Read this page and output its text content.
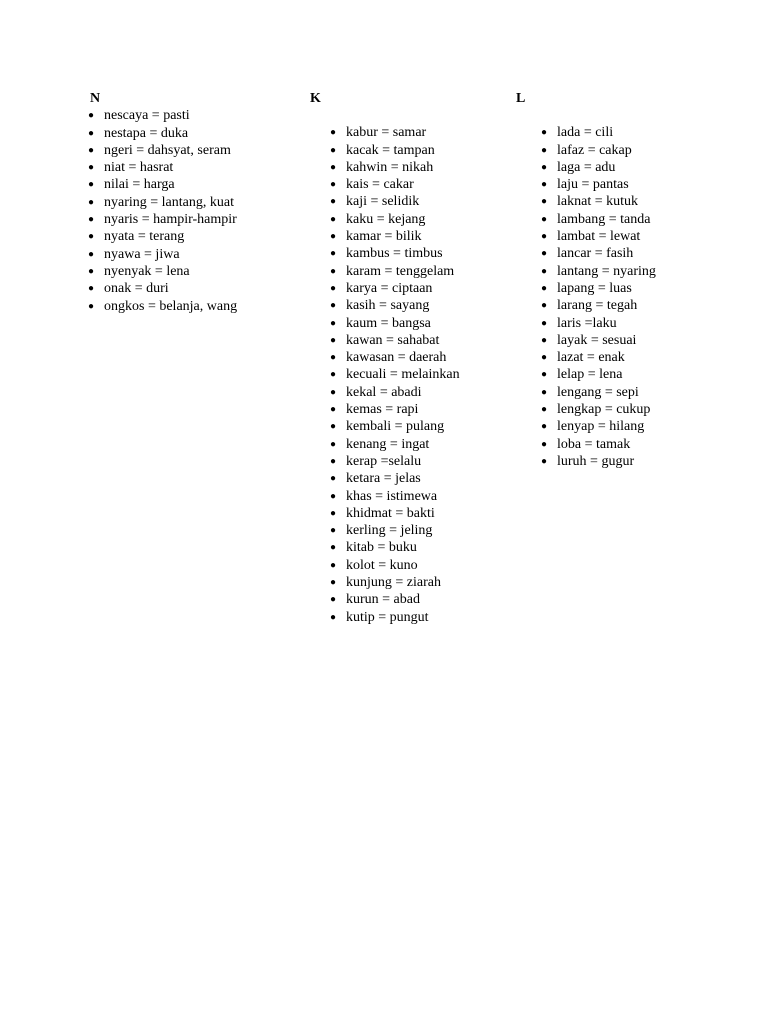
N
● nescaya = pasti
● nestapa = duka
● ngeri = dahsyat, seram
● niat = hasrat
● nilai = harga
● nyaring = lantang, kuat
● nyaris = hampir-hampir
● nyata = terang
● nyawa = jiwa
● nyenyak = lena
● onak = duri
● ongkos = belanja, wang
K
● kabur = samar
● kacak = tampan
● kahwin = nikah
● kais = cakar
● kaji = selidik
● kaku = kejang
● kamar = bilik
● kambus = timbus
● karam = tenggelam
● karya = ciptaan
● kasih = sayang
● kaum = bangsa
● kawan = sahabat
● kawasan = daerah
● kecuali = melainkan
● kekal = abadi
● kemas = rapi
● kembali = pulang
● kenang = ingat
● kerap =selalu
● ketara = jelas
● khas = istimewa
● khidmat = bakti
● kerling = jeling
● kitab = buku
● kolot = kuno
● kunjung = ziarah
● kurun = abad
● kutip = pungut
L
● lada = cili
● lafaz = cakap
● laga = adu
● laju = pantas
● laknat = kutuk
● lambang = tanda
● lambat = lewat
● lancar = fasih
● lantang = nyaring
● lapang = luas
● larang = tegah
● laris =laku
● layak = sesuai
● lazat = enak
● lelap = lena
● lengang = sepi
● lengkap = cukup
● lenyap = hilang
● loba = tamak
● luruh = gugur
